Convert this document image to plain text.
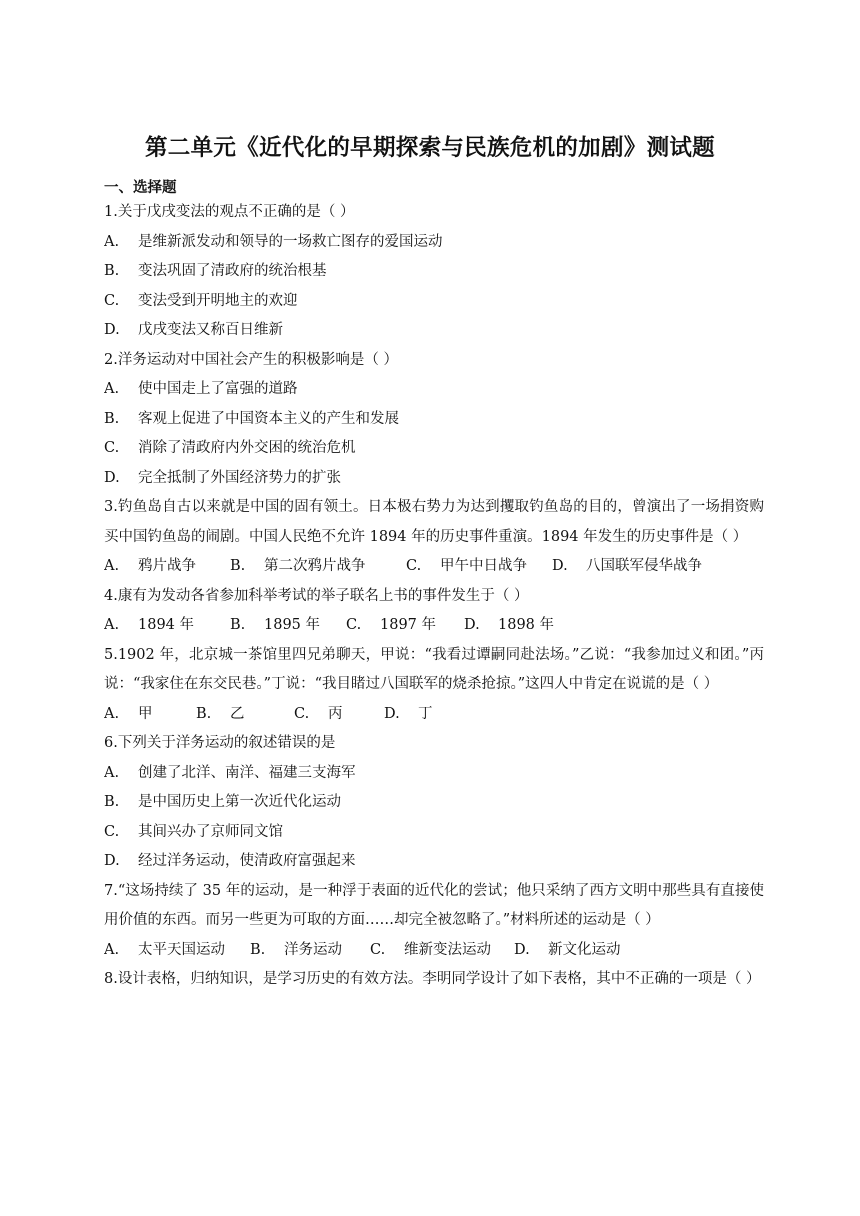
第二单元《近代化的早期探索与民族危机的加剧》测试题
一、选择题
1.关于戊戌变法的观点不正确的是（ ）
A.	是维新派发动和领导的一场救亡图存的爱国运动
B.	变法巩固了清政府的统治根基
C.	变法受到开明地主的欢迎
D.	戊戌变法又称百日维新
2.洋务运动对中国社会产生的积极影响是（ ）
A.	使中国走上了富强的道路
B.	客观上促进了中国资本主义的产生和发展
C.	消除了清政府内外交困的统治危机
D.	完全抵制了外国经济势力的扩张
3.钓鱼岛自古以来就是中国的固有领土。日本极右势力为达到攫取钓鱼岛的目的，曾演出了一场捐资购买中国钓鱼岛的闹剧。中国人民绝不允许 1894 年的历史事件重演。1894 年发生的历史事件是（ ）
A.	鸦片战争 B.	第二次鸦片战争	C.	甲午中日战争 D.	八国联军侵华战争
4.康有为发动各省参加科举考试的举子联名上书的事件发生于（ ）
A.	1894 年 B.	1895 年 C.	1897 年 D.	1898 年
5.1902 年，北京城一茶馆里四兄弟聊天，甲说：“我看过谭嗣同赴法场。”乙说：“我参加过义和团。”丙说：“我家住在东交民巷。”丁说：“我目睹过八国联军的烧杀抢掠。”这四人中肯定在说谎的是（ ）
A.	甲	B.	乙	C.	丙	D.	丁
6.下列关于洋务运动的叙述错误的是
A.	创建了北洋、南洋、福建三支海军
B.	是中国历史上第一次近代化运动
C.	其间兴办了京师同文馆
D.	经过洋务运动，使清政府富强起来
7.“这场持续了 35 年的运动，是一种浮于表面的近代化的尝试；他只采纳了西方文明中那些具有直接使用价值的东西。而另一些更为可取的方面……却完全被忽略了。”材料所述的运动是（ ）
A.	太平天国运动 B.	洋务运动 C.	维新变法运动 D.	新文化运动
8.设计表格，归纳知识，是学习历史的有效方法。李明同学设计了如下表格，其中不正确的一项是（ ）
